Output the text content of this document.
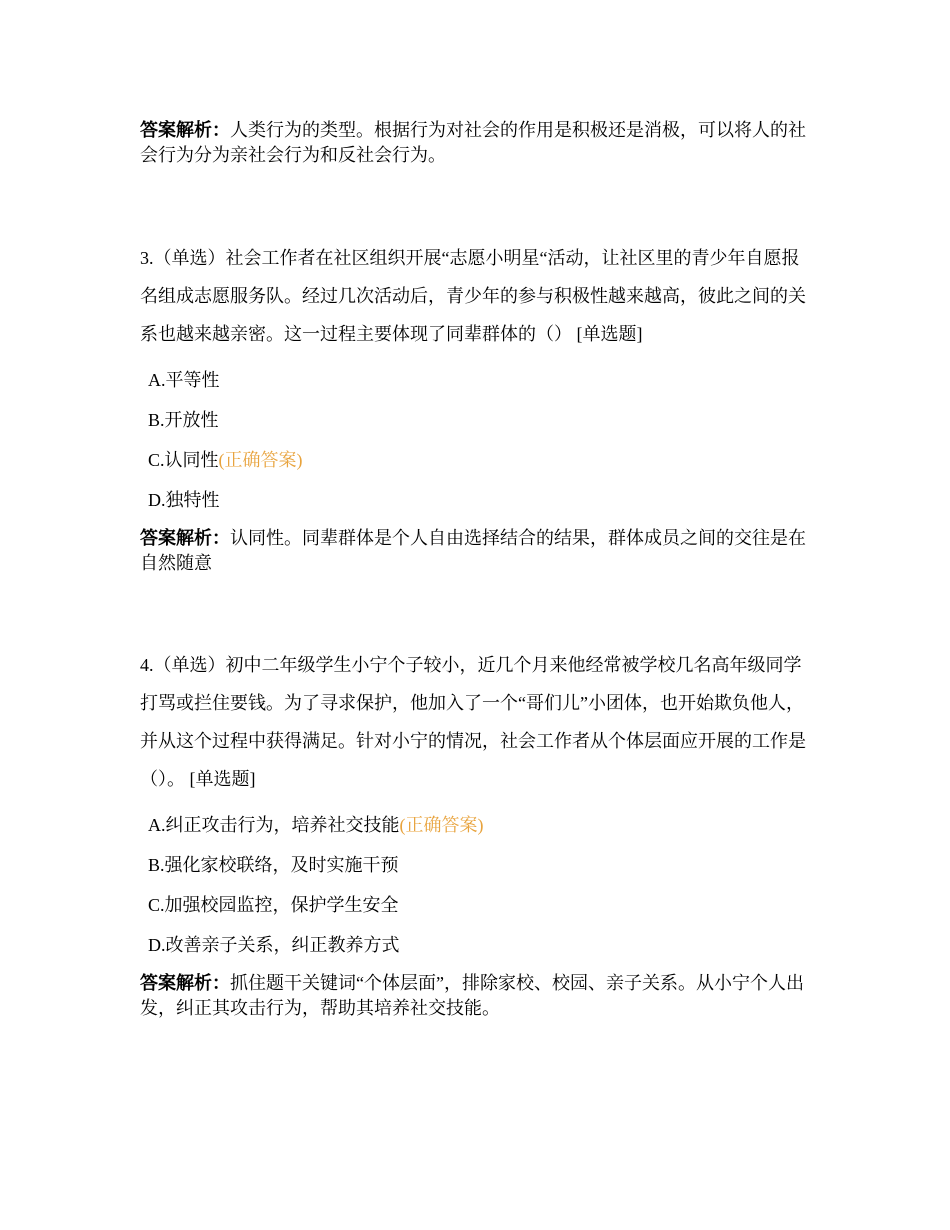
答案解析：人类行为的类型。根据行为对社会的作用是积极还是消极，可以将人的社会行为分为亲社会行为和反社会行为。
3.（单选）社会工作者在社区组织开展“志愿小明星“活动，让社区里的青少年自愿报名组成志愿服务队。经过几次活动后，青少年的参与积极性越来越高，彼此之间的关系也越来越亲密。这一过程主要体现了同辈群体的（） [单选题]
A.平等性
B.开放性
C.认同性(正确答案)
D.独特性
答案解析：认同性。同辈群体是个人自由选择结合的结果，群体成员之间的交往是在自然随意
4.（单选）初中二年级学生小宁个子较小，近几个月来他经常被学校几名高年级同学打骂或拦住要钱。为了寻求保护，他加入了一个“哥们儿”小团体，也开始欺负他人，并从这个过程中获得满足。针对小宁的情况，社会工作者从个体层面应开展的工作是（）。 [单选题]
A.纠正攻击行为，培养社交技能(正确答案)
B.强化家校联络，及时实施干预
C.加强校园监控，保护学生安全
D.改善亲子关系，纠正教养方式
答案解析：抓住题干关键词“个体层面”，排除家校、校园、亲子关系。从小宁个人出发，纠正其攻击行为，帮助其培养社交技能。
